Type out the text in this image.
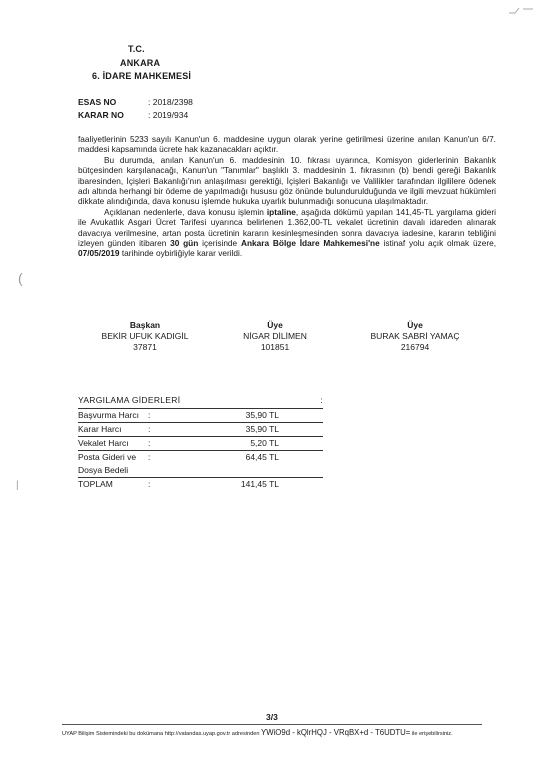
T.C.
ANKARA
6. İDARE MAHKEMESİ
ESAS NO	: 2018/2398
KARAR NO	: 2019/934

faaliyetlerinin 5233 sayılı Kanun'un 6. maddesine uygun olarak yerine getirilmesi üzerine anılan Kanun'un 6/7. maddesi kapsamında ücrete hak kazanacakları açıktır.

Bu durumda, anılan Kanun'un 6. maddesinin 10. fıkrası uyarınca, Komisyon giderlerinin Bakanlık bütçesinden karşılanacağı, Kanun'un "Tanımlar" başlıklı 3. maddesinin 1. fıkrasının (b) bendi gereği Bakanlık ibaresinden, İçişleri Bakanlığı'nın anlaşılması gerektiği, İçişleri Bakanlığı ve Valilikler tarafından ilgililere ödenek adı altında herhangi bir ödeme de yapılmadığı hususu göz önünde bulundurulduğunda ve ilgili mevzuat hükümleri dikkate alındığında, dava konusu işlemde hukuka uyarlık bulunmadığı sonucuna ulaşılmaktadır.

Açıklanan nedenlerle, dava konusu işlemin iptaline, aşağıda dökümü yapılan 141,45-TL yargılama gideri ile Avukatlık Asgari Ücret Tarifesi uyarınca belirlenen 1.362,00-TL vekalet ücretinin davalı idareden alınarak davacıya verilmesine, artan posta ücretinin kararın kesinleşmesinden sonra davacıya iadesine, kararın tebliğini izleyen günden itibaren 30 gün içerisinde Ankara Bölge İdare Mahkemesi'ne istinaf yolu açık olmak üzere, 07/05/2019 tarihinde oybirliğiyle karar verildi.

(
|
Başkan
BEKİR UFUK KADIGİL
37871
Üye
NİGAR DİLİMEN
101851
Üye
BURAK SABRİ YAMAÇ
216794
YARGILAMA GİDERLERİ	:
Başvurma Harcı :	35,90 TL
Karar Harcı	:	35,90 TL
Vekalet Harcı :	5,20 TL
Posta Gideri ve :	64,45 TL
Dosya Bedeli
TOPLAM	:	141,45 TL
3/3
UYAP Bilişim Sistemindeki bu dokümana http://vatandas.uyap.gov.tr adresinden YWiO9d - kQlrHQJ - VRqBX+d - T6UDTU= ile erişebilirsiniz.
